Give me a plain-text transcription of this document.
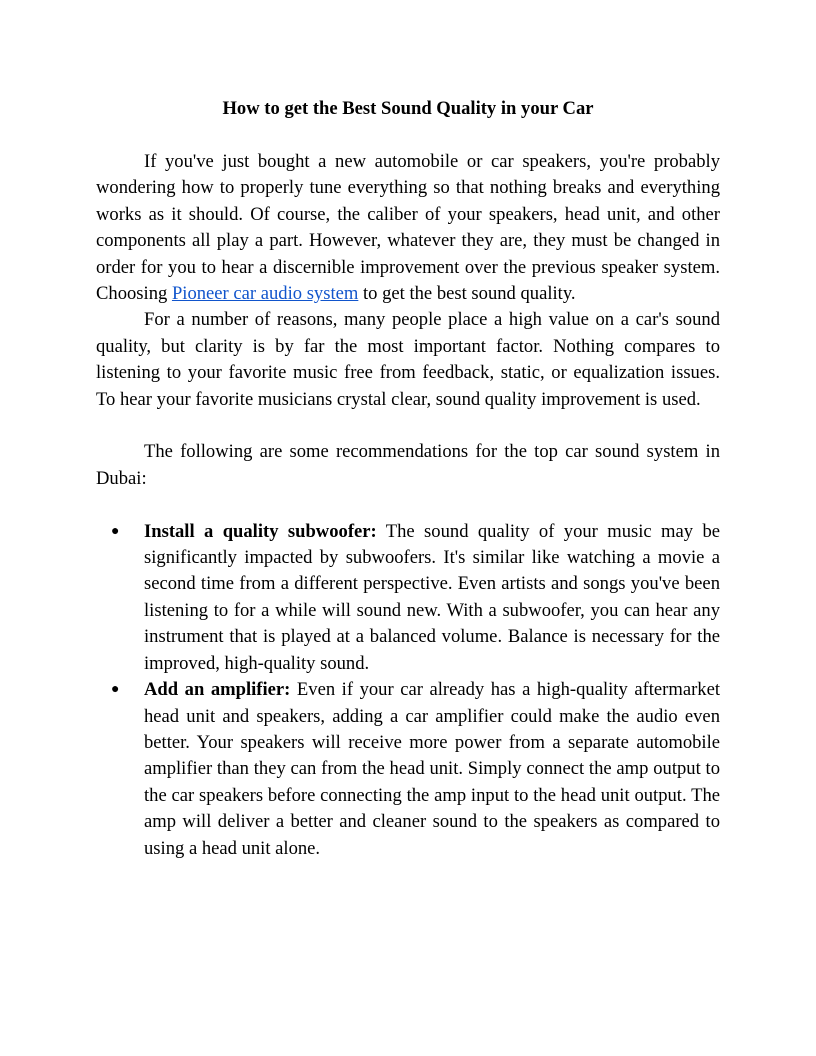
How to get the Best Sound Quality in your Car

If you've just bought a new automobile or car speakers, you're probably wondering how to properly tune everything so that nothing breaks and everything works as it should. Of course, the caliber of your speakers, head unit, and other components all play a part. However, whatever they are, they must be changed in order for you to hear a discernible improvement over the previous speaker system. Choosing Pioneer car audio system to get the best sound quality.

For a number of reasons, many people place a high value on a car's sound quality, but clarity is by far the most important factor. Nothing compares to listening to your favorite music free from feedback, static, or equalization issues. To hear your favorite musicians crystal clear, sound quality improvement is used.

The following are some recommendations for the top car sound system in Dubai:

● Install a quality subwoofer: The sound quality of your music may be significantly impacted by subwoofers. It's similar like watching a movie a second time from a different perspective. Even artists and songs you've been listening to for a while will sound new. With a subwoofer, you can hear any instrument that is played at a balanced volume. Balance is necessary for the improved, high-quality sound.
● Add an amplifier: Even if your car already has a high-quality aftermarket head unit and speakers, adding a car amplifier could make the audio even better. Your speakers will receive more power from a separate automobile amplifier than they can from the head unit. Simply connect the amp output to the car speakers before connecting the amp input to the head unit output. The amp will deliver a better and cleaner sound to the speakers as compared to using a head unit alone.
